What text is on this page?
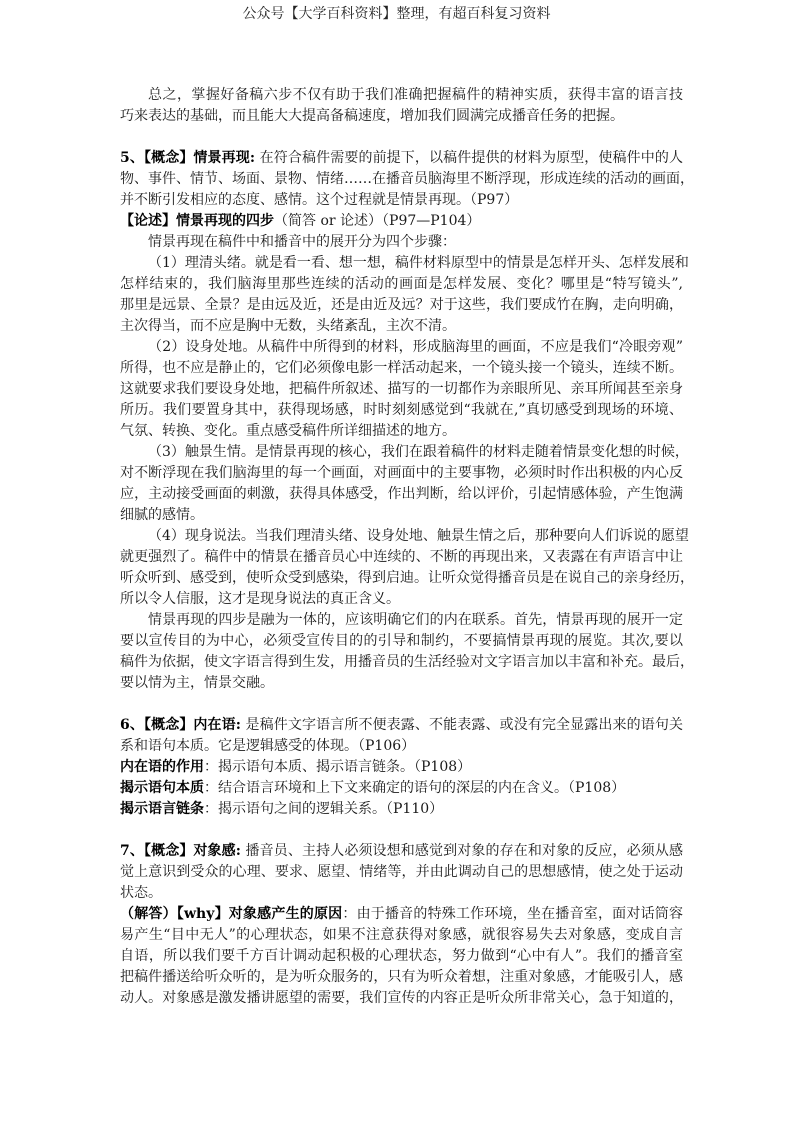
公众号【大学百科资料】整理，有超百科复习资料
总之，掌握好备稿六步不仅有助于我们准确把握稿件的精神实质，获得丰富的语言技
巧来表达的基础，而且能大大提高备稿速度，增加我们圆满完成播音任务的把握。
5、【概念】情景再现: 在符合稿件需要的前提下，以稿件提供的材料为原型，使稿件中的人
物、事件、情节、场面、景物、情绪……在播音员脑海里不断浮现，形成连续的活动的画面，
并不断引发相应的态度、感情。这个过程就是情景再现。（P97）
【论述】情景再现的四步（简答 or 论述）（P97—P104）
情景再现在稿件中和播音中的展开分为四个步骤：
（1）理清头绪。就是看一看、想一想，稿件材料原型中的情景是怎样开头、怎样发展和
怎样结束的，我们脑海里那些连续的活动的画面是怎样发展、变化？哪里是“特写镜头”,
那里是远景、全景？是由远及近，还是由近及远？对于这些，我们要成竹在胸，走向明确，
主次得当，而不应是胸中无数，头绪紊乱，主次不清。
（2）设身处地。从稿件中所得到的材料，形成脑海里的画面，不应是我们“冷眼旁观”
所得，也不应是静止的，它们必须像电影一样活动起来，一个镜头接一个镜头，连续不断。
这就要求我们要设身处地，把稿件所叙述、描写的一切都作为亲眼所见、亲耳所闻甚至亲身
所历。我们要置身其中，获得现场感，时时刻刻感觉到“我就在,”真切感受到现场的环境、
气氛、转换、变化。重点感受稿件所详细描述的地方。
（3）触景生情。是情景再现的核心，我们在跟着稿件的材料走随着情景变化想的时候，
对不断浮现在我们脑海里的每一个画面，对画面中的主要事物，必须时时作出积极的内心反
应，主动接受画面的刺激，获得具体感受，作出判断，给以评价，引起情感体验，产生饱满
细腻的感情。
（4）现身说法。当我们理清头绪、设身处地、触景生情之后，那种要向人们诉说的愿望
就更强烈了。稿件中的情景在播音员心中连续的、不断的再现出来，又表露在有声语言中让
听众听到、感受到，使听众受到感染，得到启迪。让听众觉得播音员是在说自己的亲身经历，
所以令人信服，这才是现身说法的真正含义。
情景再现的四步是融为一体的，应该明确它们的内在联系。首先，情景再现的展开一定
要以宣传目的为中心，必须受宣传目的的引导和制约，不要搞情景再现的展览。其次,要以
稿件为依据，使文字语言得到生发，用播音员的生活经验对文字语言加以丰富和补充。最后，
要以情为主，情景交融。
6、【概念】内在语: 是稿件文字语言所不便表露、不能表露、或没有完全显露出来的语句关
系和语句本质。它是逻辑感受的体现。（P106）
内在语的作用：揭示语句本质、揭示语言链条。（P108）
揭示语句本质：结合语言环境和上下文来确定的语句的深层的内在含义。（P108）
揭示语言链条：揭示语句之间的逻辑关系。（P110）
7、【概念】对象感: 播音员、主持人必须设想和感觉到对象的存在和对象的反应，必须从感
觉上意识到受众的心理、要求、愿望、情绪等，并由此调动自己的思想感情，使之处于运动
状态。
（解答）【why】对象感产生的原因：由于播音的特殊工作环境，坐在播音室，面对话筒容
易产生“目中无人”的心理状态，如果不注意获得对象感，就很容易失去对象感，变成自言
自语，所以我们要千方百计调动起积极的心理状态，努力做到“心中有人”。我们的播音室
把稿件播送给听众听的，是为听众服务的，只有为听众着想，注重对象感，才能吸引人，感
动人。对象感是激发播讲愿望的需要，我们宣传的内容正是听众所非常关心，急于知道的，
